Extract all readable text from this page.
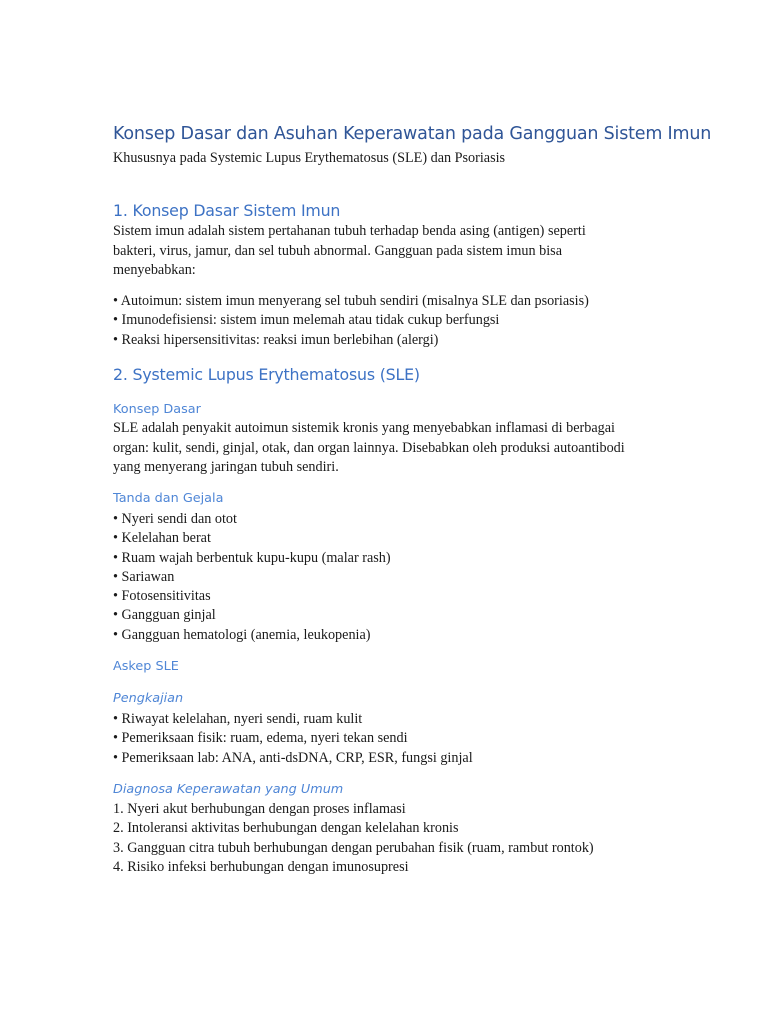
Konsep Dasar dan Asuhan Keperawatan pada Gangguan Sistem Imun
Khususnya pada Systemic Lupus Erythematosus (SLE) dan Psoriasis
1. Konsep Dasar Sistem Imun
Sistem imun adalah sistem pertahanan tubuh terhadap benda asing (antigen) seperti
bakteri, virus, jamur, dan sel tubuh abnormal. Gangguan pada sistem imun bisa
menyebabkan:
• Autoimun: sistem imun menyerang sel tubuh sendiri (misalnya SLE dan psoriasis)
• Imunodefisiensi: sistem imun melemah atau tidak cukup berfungsi
• Reaksi hipersensitivitas: reaksi imun berlebihan (alergi)
2. Systemic Lupus Erythematosus (SLE)
Konsep Dasar
SLE adalah penyakit autoimun sistemik kronis yang menyebabkan inflamasi di berbagai
organ: kulit, sendi, ginjal, otak, dan organ lainnya. Disebabkan oleh produksi autoantibodi
yang menyerang jaringan tubuh sendiri.
Tanda dan Gejala
• Nyeri sendi dan otot
• Kelelahan berat
• Ruam wajah berbentuk kupu-kupu (malar rash)
• Sariawan
• Fotosensitivitas
• Gangguan ginjal
• Gangguan hematologi (anemia, leukopenia)
Askep SLE
Pengkajian
• Riwayat kelelahan, nyeri sendi, ruam kulit
• Pemeriksaan fisik: ruam, edema, nyeri tekan sendi
• Pemeriksaan lab: ANA, anti-dsDNA, CRP, ESR, fungsi ginjal
Diagnosa Keperawatan yang Umum
1. Nyeri akut berhubungan dengan proses inflamasi
2. Intoleransi aktivitas berhubungan dengan kelelahan kronis
3. Gangguan citra tubuh berhubungan dengan perubahan fisik (ruam, rambut rontok)
4. Risiko infeksi berhubungan dengan imunosupresi
